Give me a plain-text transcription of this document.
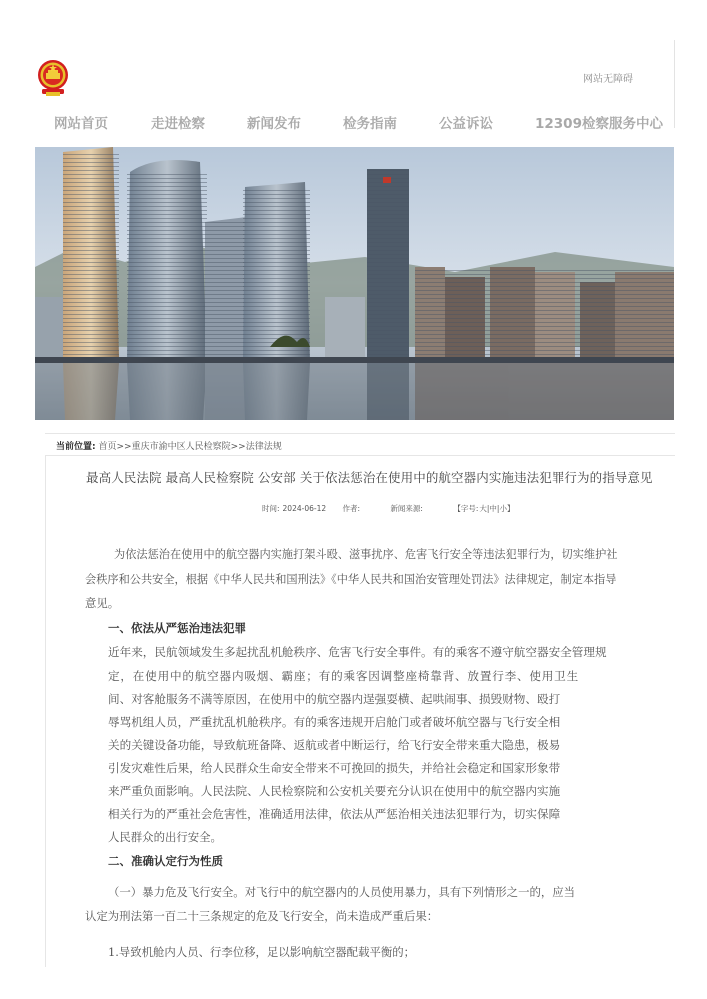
网站无障碍
网站首页	走进检察	新闻发布	检务指南	公益诉讼	12309检察服务中心
当前位置: 首页>>重庆市渝中区人民检察院>>法律法规
最高人民法院 最高人民检察院 公安部 关于依法惩治在使用中的航空器内实施违法犯罪行为的指导意见
时间: 2024-06-12 作者:	新闻来源:	【字号:大|中|小】
为依法惩治在使用中的航空器内实施打架斗殴、滋事扰序、危害飞行安全等违法犯罪行为，切实维护社
会秩序和公共安全，根据《中华人民共和国刑法》《中华人民共和国治安管理处罚法》法律规定，制定本指导
意见。
一、依法从严惩治违法犯罪
近年来，民航领域发生多起扰乱机舱秩序、危害飞行安全事件。有的乘客不遵守航空器安全管理规
定，在使用中的航空器内吸烟、霸座；有的乘客因调整座椅靠背、放置行李、使用卫生
间、对客舱服务不满等原因，在使用中的航空器内逞强耍横、起哄闹事、损毁财物、殴打
辱骂机组人员，严重扰乱机舱秩序。有的乘客违规开启舱门或者破坏航空器与飞行安全相
关的关键设备功能，导致航班备降、返航或者中断运行，给飞行安全带来重大隐患，极易
引发灾难性后果，给人民群众生命安全带来不可挽回的损失，并给社会稳定和国家形象带
来严重负面影响。人民法院、人民检察院和公安机关要充分认识在使用中的航空器内实施
相关行为的严重社会危害性，准确适用法律，依法从严惩治相关违法犯罪行为，切实保障
人民群众的出行安全。
二、准确认定行为性质
（一）暴力危及飞行安全。对飞行中的航空器内的人员使用暴力，具有下列情形之一的，应当
认定为刑法第一百二十三条规定的危及飞行安全，尚未造成严重后果：
1.导致机舱内人员、行李位移，足以影响航空器配载平衡的；
